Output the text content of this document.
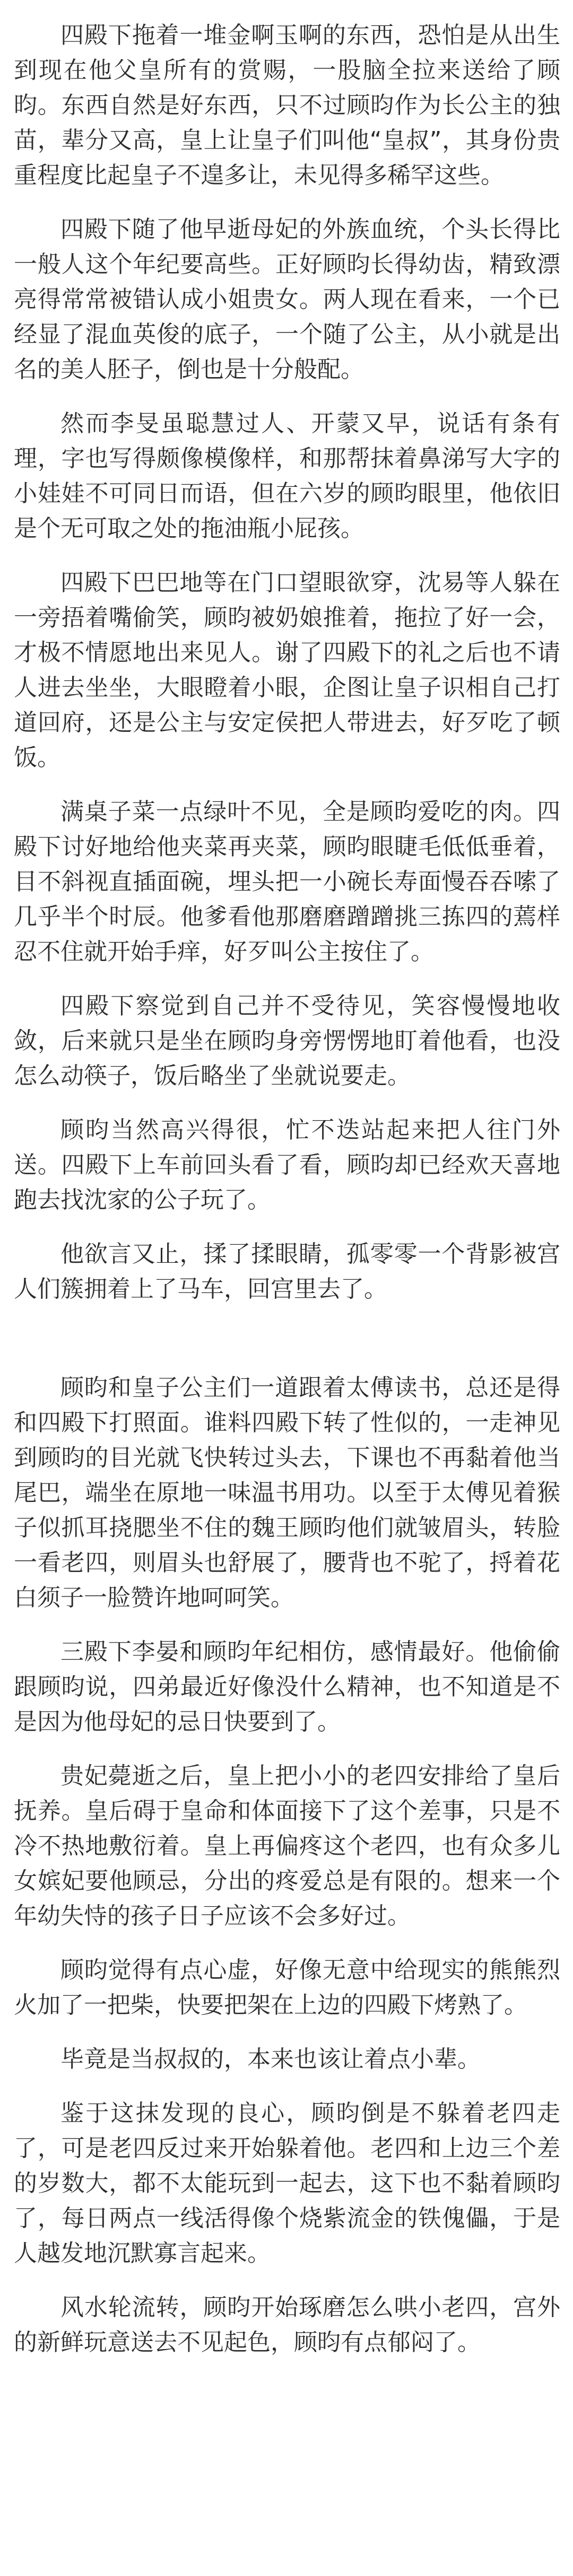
四殿下拖着一堆金啊玉啊的东西，恐怕是从出生到现在他父皇所有的赏赐，一股脑全拉来送给了顾昀。东西自然是好东西，只不过顾昀作为长公主的独苗，辈分又高，皇上让皇子们叫他“皇叔”，其身份贵重程度比起皇子不遑多让，未见得多稀罕这些。

四殿下随了他早逝母妃的外族血统，个头长得比一般人这个年纪要高些。正好顾昀长得幼齿，精致漂亮得常常被错认成小姐贵女。两人现在看来，一个已经显了混血英俊的底子，一个随了公主，从小就是出名的美人胚子，倒也是十分般配。

然而李旻虽聪慧过人、开蒙又早，说话有条有理，字也写得颇像模像样，和那帮抹着鼻涕写大字的小娃娃不可同日而语，但在六岁的顾昀眼里，他依旧是个无可取之处的拖油瓶小屁孩。

四殿下巴巴地等在门口望眼欲穿，沈易等人躲在一旁捂着嘴偷笑，顾昀被奶娘推着，拖拉了好一会，才极不情愿地出来见人。谢了四殿下的礼之后也不请人进去坐坐，大眼瞪着小眼，企图让皇子识相自己打道回府，还是公主与安定侯把人带进去，好歹吃了顿饭。

满桌子菜一点绿叶不见，全是顾昀爱吃的肉。四殿下讨好地给他夹菜再夹菜，顾昀眼睫毛低低垂着，目不斜视直插面碗，埋头把一小碗长寿面慢吞吞嗦了几乎半个时辰。他爹看他那磨磨蹭蹭挑三拣四的蔫样忍不住就开始手痒，好歹叫公主按住了。

四殿下察觉到自己并不受待见，笑容慢慢地收敛，后来就只是坐在顾昀身旁愣愣地盯着他看，也没怎么动筷子，饭后略坐了坐就说要走。

顾昀当然高兴得很，忙不迭站起来把人往门外送。四殿下上车前回头看了看，顾昀却已经欢天喜地跑去找沈家的公子玩了。

他欲言又止，揉了揉眼睛，孤零零一个背影被宫人们簇拥着上了马车，回宫里去了。

顾昀和皇子公主们一道跟着太傅读书，总还是得和四殿下打照面。谁料四殿下转了性似的，一走神见到顾昀的目光就飞快转过头去，下课也不再黏着他当尾巴，端坐在原地一味温书用功。以至于太傅见着猴子似抓耳挠腮坐不住的魏王顾昀他们就皱眉头，转脸一看老四，则眉头也舒展了，腰背也不驼了，捋着花白须子一脸赞许地呵呵笑。

三殿下李晏和顾昀年纪相仿，感情最好。他偷偷跟顾昀说，四弟最近好像没什么精神，也不知道是不是因为他母妃的忌日快要到了。

贵妃薨逝之后，皇上把小小的老四安排给了皇后抚养。皇后碍于皇命和体面接下了这个差事，只是不冷不热地敷衍着。皇上再偏疼这个老四，也有众多儿女嫔妃要他顾忌，分出的疼爱总是有限的。想来一个年幼失恃的孩子日子应该不会多好过。

顾昀觉得有点心虚，好像无意中给现实的熊熊烈火加了一把柴，快要把架在上边的四殿下烤熟了。

毕竟是当叔叔的，本来也该让着点小辈。

鉴于这抹发现的良心，顾昀倒是不躲着老四走了，可是老四反过来开始躲着他。老四和上边三个差的岁数大，都不太能玩到一起去，这下也不黏着顾昀了，每日两点一线活得像个烧紫流金的铁傀儡，于是人越发地沉默寡言起来。

风水轮流转，顾昀开始琢磨怎么哄小老四，宫外的新鲜玩意送去不见起色，顾昀有点郁闷了。
